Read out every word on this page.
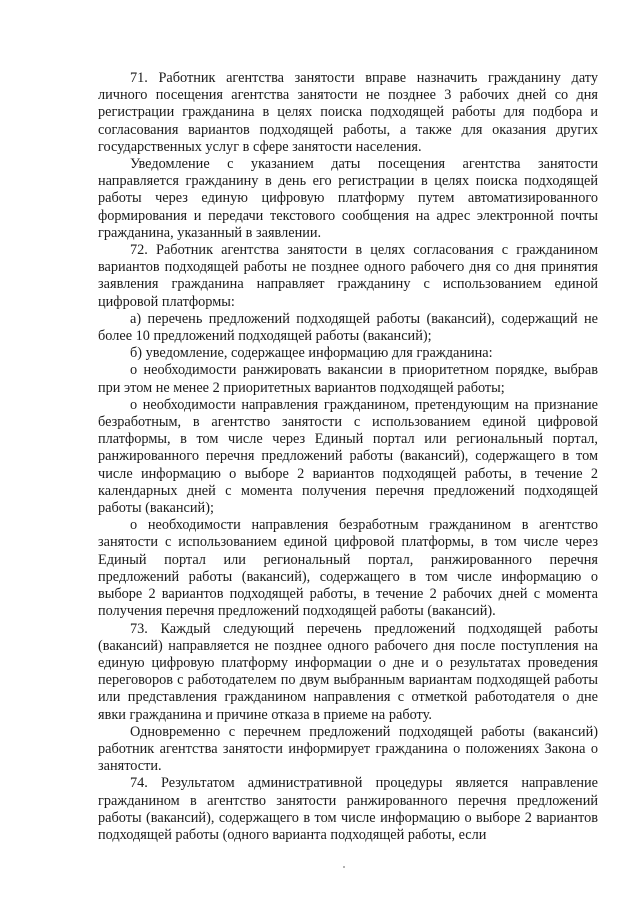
71. Работник агентства занятости вправе назначить гражданину дату личного посещения агентства занятости не позднее 3 рабочих дней со дня регистрации гражданина в целях поиска подходящей работы для подбора и согласования вариантов подходящей работы, а также для оказания других государственных услуг в сфере занятости населения.

Уведомление с указанием даты посещения агентства занятости направляется гражданину в день его регистрации в целях поиска подходящей работы через единую цифровую платформу путем автоматизированного формирования и передачи текстового сообщения на адрес электронной почты гражданина, указанный в заявлении.

72. Работник агентства занятости в целях согласования с гражданином вариантов подходящей работы не позднее одного рабочего дня со дня принятия заявления гражданина направляет гражданину с использованием единой цифровой платформы:

а) перечень предложений подходящей работы (вакансий), содержащий не более 10 предложений подходящей работы (вакансий);

б) уведомление, содержащее информацию для гражданина:

о необходимости ранжировать вакансии в приоритетном порядке, выбрав при этом не менее 2 приоритетных вариантов подходящей работы;

о необходимости направления гражданином, претендующим на признание безработным, в агентство занятости с использованием единой цифровой платформы, в том числе через Единый портал или региональный портал, ранжированного перечня предложений работы (вакансий), содержащего в том числе информацию о выборе 2 вариантов подходящей работы, в течение 2 календарных дней с момента получения перечня предложений подходящей работы (вакансий);

о необходимости направления безработным гражданином в агентство занятости с использованием единой цифровой платформы, в том числе через Единый портал или региональный портал, ранжированного перечня предложений работы (вакансий), содержащего в том числе информацию о выборе 2 вариантов подходящей работы, в течение 2 рабочих дней с момента получения перечня предложений подходящей работы (вакансий).

73. Каждый следующий перечень предложений подходящей работы (вакансий) направляется не позднее одного рабочего дня после поступления на единую цифровую платформу информации о дне и о результатах проведения переговоров с работодателем по двум выбранным вариантам подходящей работы или представления гражданином направления с отметкой работодателя о дне явки гражданина и причине отказа в приеме на работу.

Одновременно с перечнем предложений подходящей работы (вакансий) работник агентства занятости информирует гражданина о положениях Закона о занятости.

74. Результатом административной процедуры является направление гражданином в агентство занятости ранжированного перечня предложений работы (вакансий), содержащего в том числе информацию о выборе 2 вариантов подходящей работы (одного варианта подходящей работы, если
